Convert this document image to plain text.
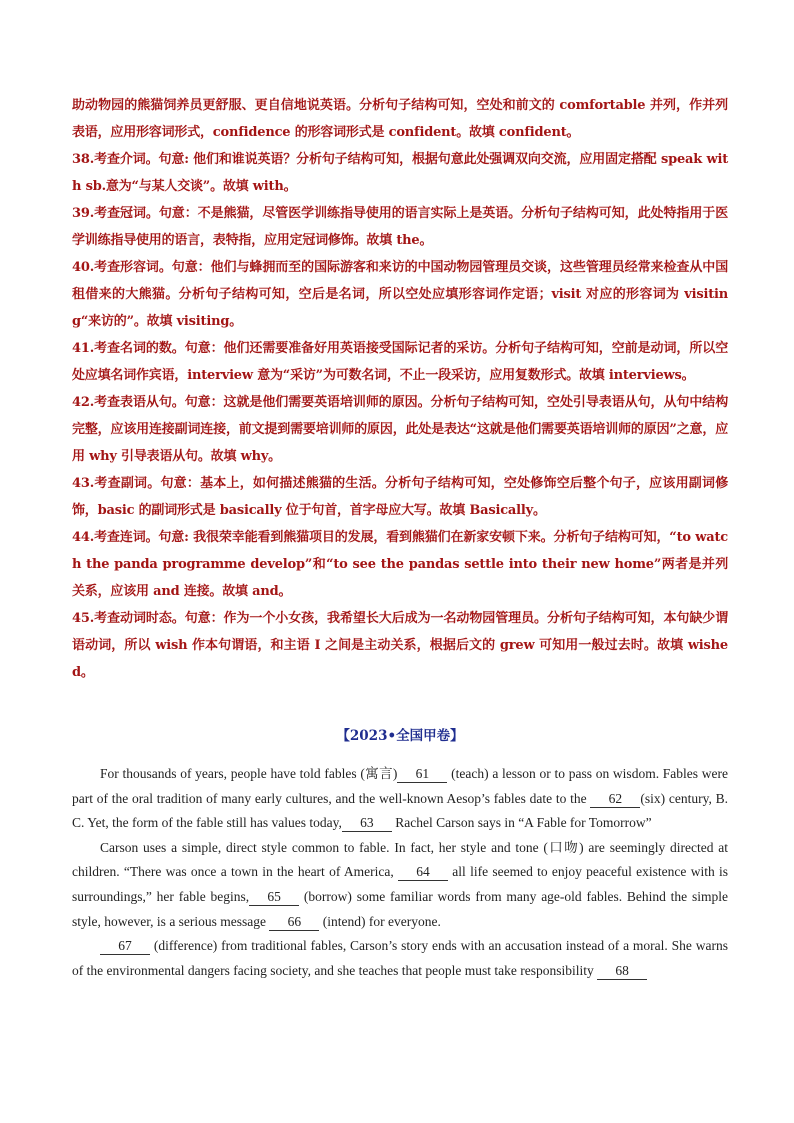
助动物园的熊猫饲养员更舒服、更自信地说英语。分析句子结构可知，空处和前文的 comfortable 并列，作并列表语，应用形容词形式，confidence 的形容词形式是 confident。故填 confident。

38.考查介词。句意: 他们和谁说英语？分析句子结构可知，根据句意此处强调双向交流，应用固定搭配 speak with sb.意为“与某人交谈”。故填 with。

39.考查冠词。句意：不是熊猫，尽管医学训练指导使用的语言实际上是英语。分析句子结构可知，此处特指用于医学训练指导使用的语言，表特指，应用定冠词修饰。故填 the。

40.考查形容词。句意：他们与蜂拥而至的国际游客和来访的中国动物园管理员交谈，这些管理员经常来检查从中国租借来的大熊猫。分析句子结构可知，空后是名词，所以空处应填形容词作定语；visit 对应的形容词为 visiting“来访的”。故填 visiting。

41.考查名词的数。句意：他们还需要准备好用英语接受国际记者的采访。分析句子结构可知，空前是动词，所以空处应填名词作宾语，interview 意为“采访”为可数名词，不止一段采访，应用复数形式。故填 interviews。

42.考查表语从句。句意：这就是他们需要英语培训师的原因。分析句子结构可知，空处引导表语从句，从句中结构完整，应该用连接副词连接，前文提到需要培训师的原因，此处是表达“这就是他们需要英语培训师的原因”之意，应用 why 引导表语从句。故填 why。

43.考查副词。句意：基本上，如何描述熊猫的生活。分析句子结构可知，空处修饰空后整个句子，应该用副词修饰，basic 的副词形式是 basically 位于句首，首字母应大写。故填 Basically。

44.考查连词。句意: 我很荣幸能看到熊猫项目的发展，看到熊猫们在新家安顿下来。分析句子结构可知，“to watch the panda programme develop”和“to see the pandas settle into their new home”两者是并列关系，应该用 and 连接。故填 and。

45.考查动词时态。句意：作为一个小女孩，我希望长大后成为一名动物园管理员。分析句子结构可知，本句缺少谓语动词，所以 wish 作本句谓语，和主语 I 之间是主动关系，根据后文的 grew 可知用一般过去时。故填 wished。

【2023•全国甲卷】

For thousands of years, people have told fables (寓言) 61 (teach) a lesson or to pass on wisdom. Fables were part of the oral tradition of many early cultures, and the well-known Aesop’s fables date to the 62 (six) century, B. C. Yet, the form of the fable still has values today, 63 Rachel Carson says in “A Fable for Tomorrow”

Carson uses a simple, direct style common to fable. In fact, her style and tone (口吻) are seemingly directed at children. “There was once a town in the heart of America, 64 all life seemed to enjoy peaceful existence with is surroundings,” her fable begins, 65 (borrow) some familiar words from many age-old fables. Behind the simple style, however, is a serious message 66 (intend) for everyone.

67 (difference) from traditional fables, Carson’s story ends with an accusation instead of a moral. She warns of the environmental dangers facing society, and she teaches that people must take responsibility 68
